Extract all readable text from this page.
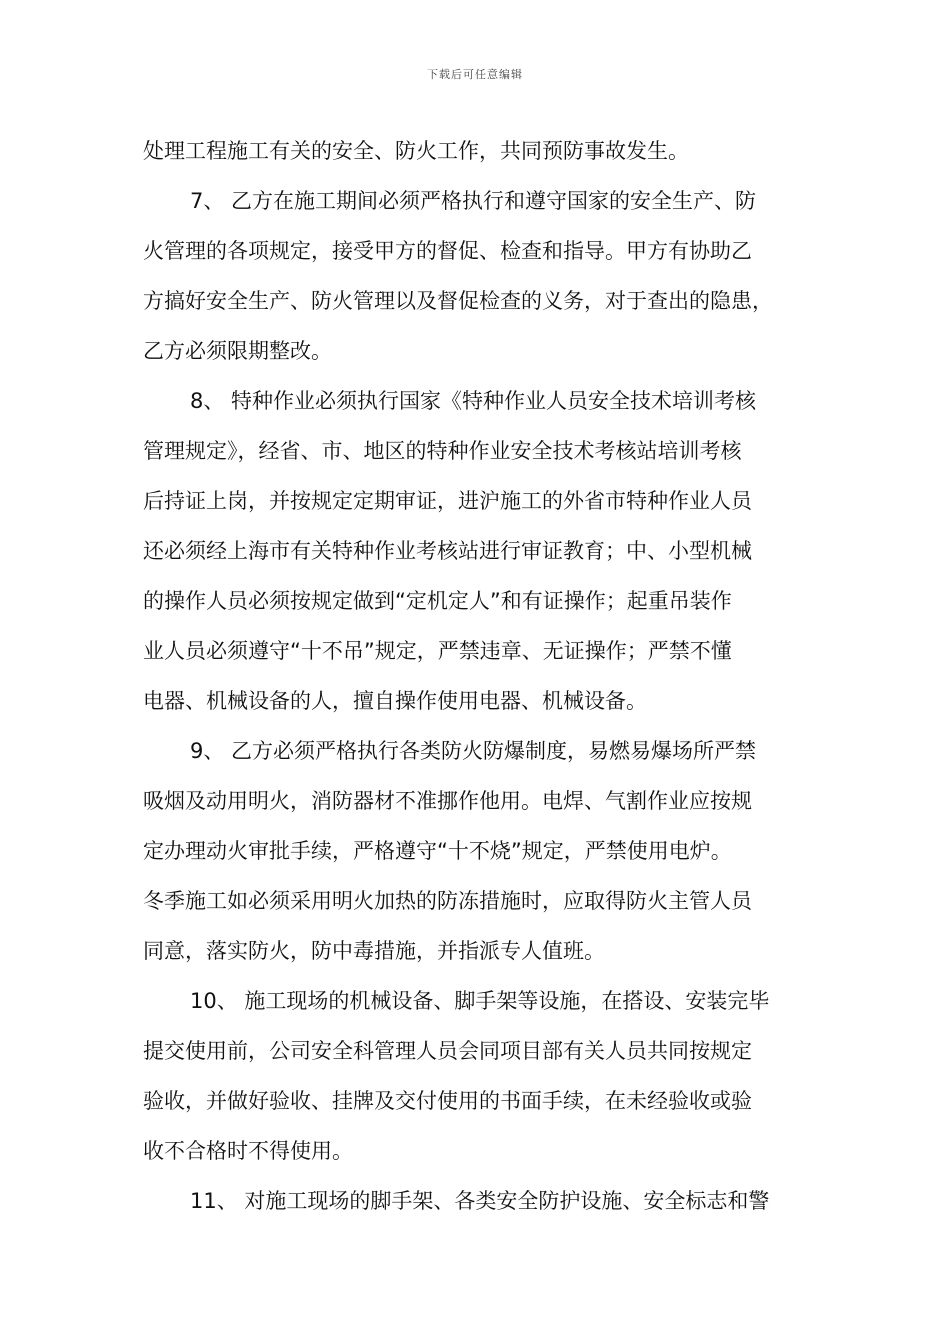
下载后可任意编辑
处理工程施工有关的安全、防火工作，共同预防事故发生。
7、 乙方在施工期间必须严格执行和遵守国家的安全生产、防
火管理的各项规定，接受甲方的督促、检查和指导。甲方有协助乙
方搞好安全生产、防火管理以及督促检查的义务，对于查出的隐患，
乙方必须限期整改。
8、 特种作业必须执行国家《特种作业人员安全技术培训考核
管理规定》，经省、市、地区的特种作业安全技术考核站培训考核
后持证上岗，并按规定定期审证，进沪施工的外省市特种作业人员
还必须经上海市有关特种作业考核站进行审证教育；中、小型机械
的操作人员必须按规定做到“定机定人”和有证操作；起重吊装作
业人员必须遵守“十不吊”规定，严禁违章、无证操作；严禁不懂
电器、机械设备的人，擅自操作使用电器、机械设备。
9、 乙方必须严格执行各类防火防爆制度，易燃易爆场所严禁
吸烟及动用明火，消防器材不准挪作他用。电焊、气割作业应按规
定办理动火审批手续，严格遵守“十不烧”规定，严禁使用电炉。
冬季施工如必须采用明火加热的防冻措施时，应取得防火主管人员
同意，落实防火，防中毒措施，并指派专人值班。
10、 施工现场的机械设备、脚手架等设施，在搭设、安装完毕
提交使用前，公司安全科管理人员会同项目部有关人员共同按规定
验收，并做好验收、挂牌及交付使用的书面手续，在未经验收或验
收不合格时不得使用。
11、 对施工现场的脚手架、各类安全防护设施、安全标志和警
